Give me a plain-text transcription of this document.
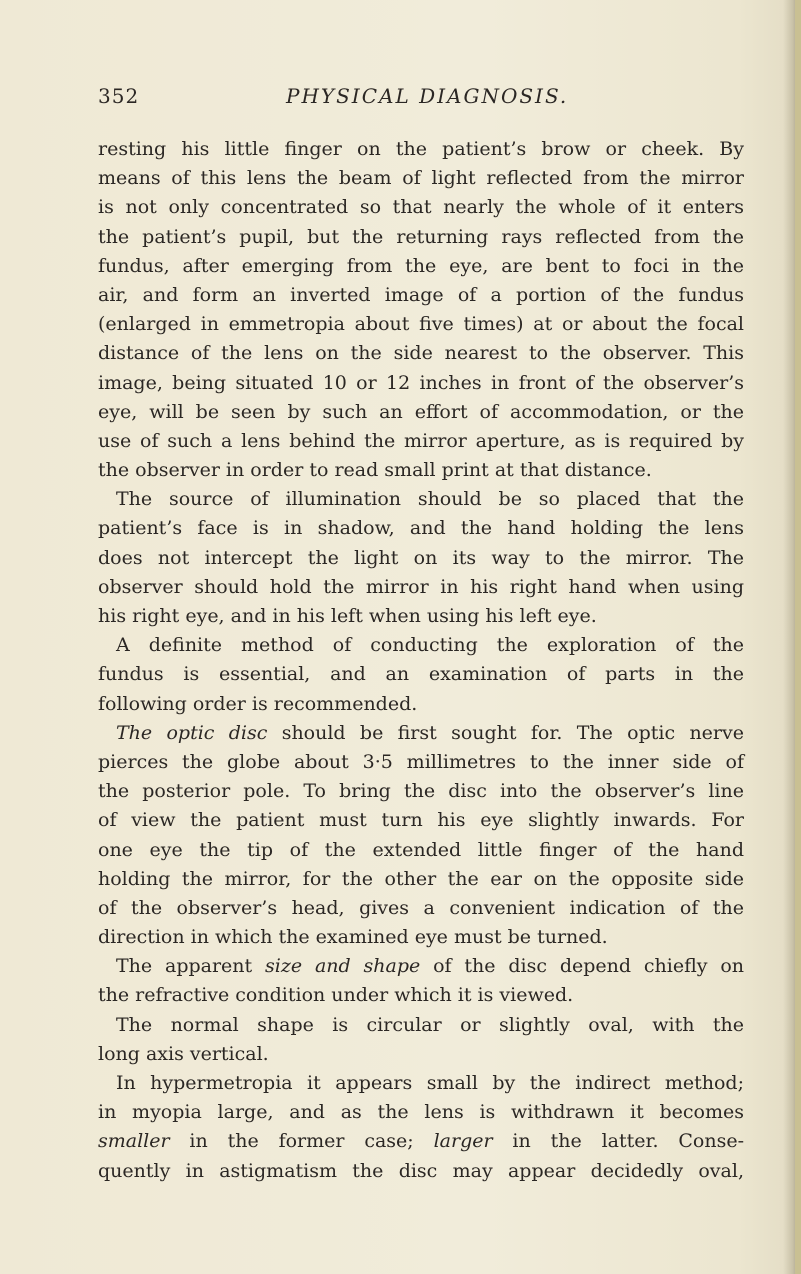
352	PHYSICAL DIAGNOSIS.
resting his little finger on the patient’s brow or cheek. By
means of this lens the beam of light reflected from the mirror
is not only concentrated so that nearly the whole of it enters
the patient’s pupil, but the returning rays reflected from the
fundus, after emerging from the eye, are bent to foci in the
air, and form an inverted image of a portion of the fundus
(enlarged in emmetropia about five times) at or about the focal
distance of the lens on the side nearest to the observer. This
image, being situated 10 or 12 inches in front of the observer’s
eye, will be seen by such an effort of accommodation, or the
use of such a lens behind the mirror aperture, as is required by
the observer in order to read small print at that distance.
The source of illumination should be so placed that the
patient’s face is in shadow, and the hand holding the lens
does not intercept the light on its way to the mirror. The
observer should hold the mirror in his right hand when using
his right eye, and in his left when using his left eye.
A definite method of conducting the exploration of the
fundus is essential, and an examination of parts in the
following order is recommended.
The optic disc should be first sought for. The optic nerve
pierces the globe about 3·5 millimetres to the inner side of
the posterior pole. To bring the disc into the observer’s line
of view the patient must turn his eye slightly inwards. For
one eye the tip of the extended little finger of the hand
holding the mirror, for the other the ear on the opposite side
of the observer’s head, gives a convenient indication of the
direction in which the examined eye must be turned.
The apparent size and shape of the disc depend chiefly on
the refractive condition under which it is viewed.
The normal shape is circular or slightly oval, with the
long axis vertical.
In hypermetropia it appears small by the indirect method;
in myopia large, and as the lens is withdrawn it becomes
smaller in the former case; larger in the latter. Conse-
quently in astigmatism the disc may appear decidedly oval,
